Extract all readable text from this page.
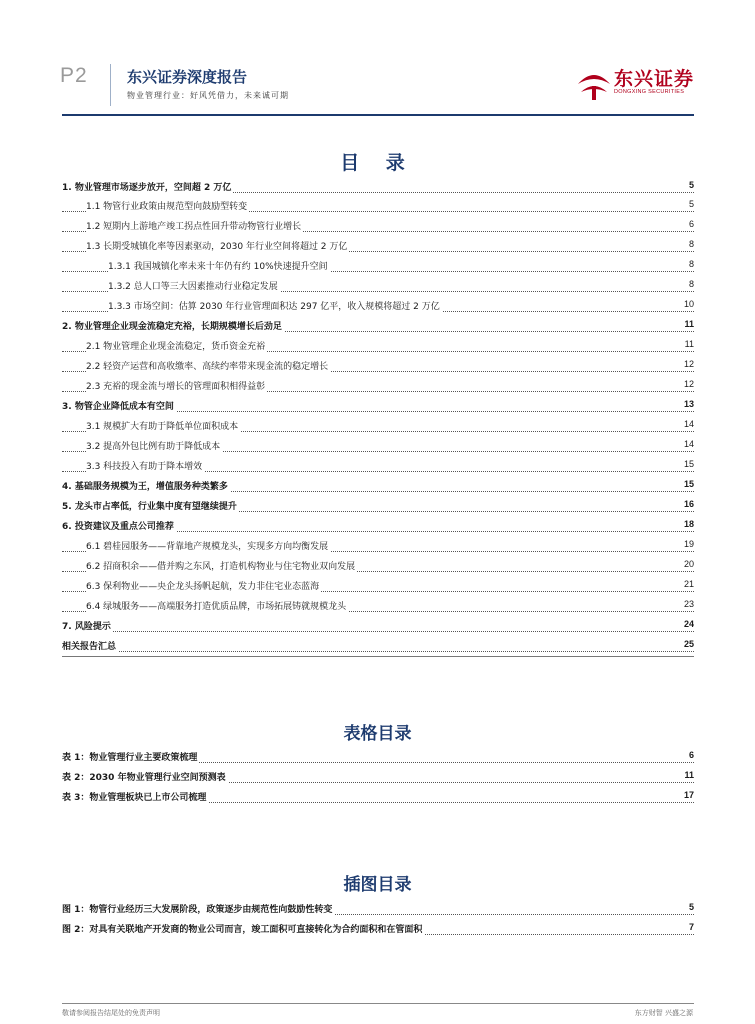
P2	东兴证券深度报告
物业管理行业：好风凭借力，未来诚可期
东兴证券
DONGXING SECURITIES
目 录
1. 物业管理市场逐步放开，空间超 2 万亿	5
1.1 物管行业政策由规范型向鼓励型转变	5
1.2 短期内上游地产竣工拐点性回升带动物管行业增长	6
1.3 长期受城镇化率等因素驱动，2030 年行业空间将超过 2 万亿	8
1.3.1 我国城镇化率未来十年仍有约 10%快速提升空间	8
1.3.2 总人口等三大因素推动行业稳定发展	8
1.3.3 市场空间：估算 2030 年行业管理面积达 297 亿平，收入规模将超过 2 万亿	10
2. 物业管理企业现金流稳定充裕，长期规模增长后劲足	11
2.1 物业管理企业现金流稳定，货币资金充裕	11
2.2 轻资产运营和高收缴率、高续约率带来现金流的稳定增长	12
2.3 充裕的现金流与增长的管理面积相得益彰	12
3. 物管企业降低成本有空间	13
3.1 规模扩大有助于降低单位面积成本	14
3.2 提高外包比例有助于降低成本	14
3.3 科技投入有助于降本增效	15
4. 基础服务规模为王，增值服务种类繁多	15
5. 龙头市占率低，行业集中度有望继续提升	16
6. 投资建议及重点公司推荐	18
6.1 碧桂园服务——背靠地产规模龙头，实现多方向均衡发展	19
6.2 招商积余——借并购之东风，打造机构物业与住宅物业双向发展	20
6.3 保利物业——央企龙头扬帆起航，发力非住宅业态蓝海	21
6.4 绿城服务——高端服务打造优质品牌，市场拓展铸就规模龙头	23
7. 风险提示	24
相关报告汇总	25
表格目录
表 1：物业管理行业主要政策梳理	6
表 2：2030 年物业管理行业空间预测表	11
表 3：物业管理板块已上市公司梳理	17
插图目录
图 1：物管行业经历三大发展阶段，政策逐步由规范性向鼓励性转变	5
图 2：对具有关联地产开发商的物业公司而言，竣工面积可直接转化为合约面积和在管面积	7
敬请参阅报告结尾处的免责声明	东方财智 兴盛之源
